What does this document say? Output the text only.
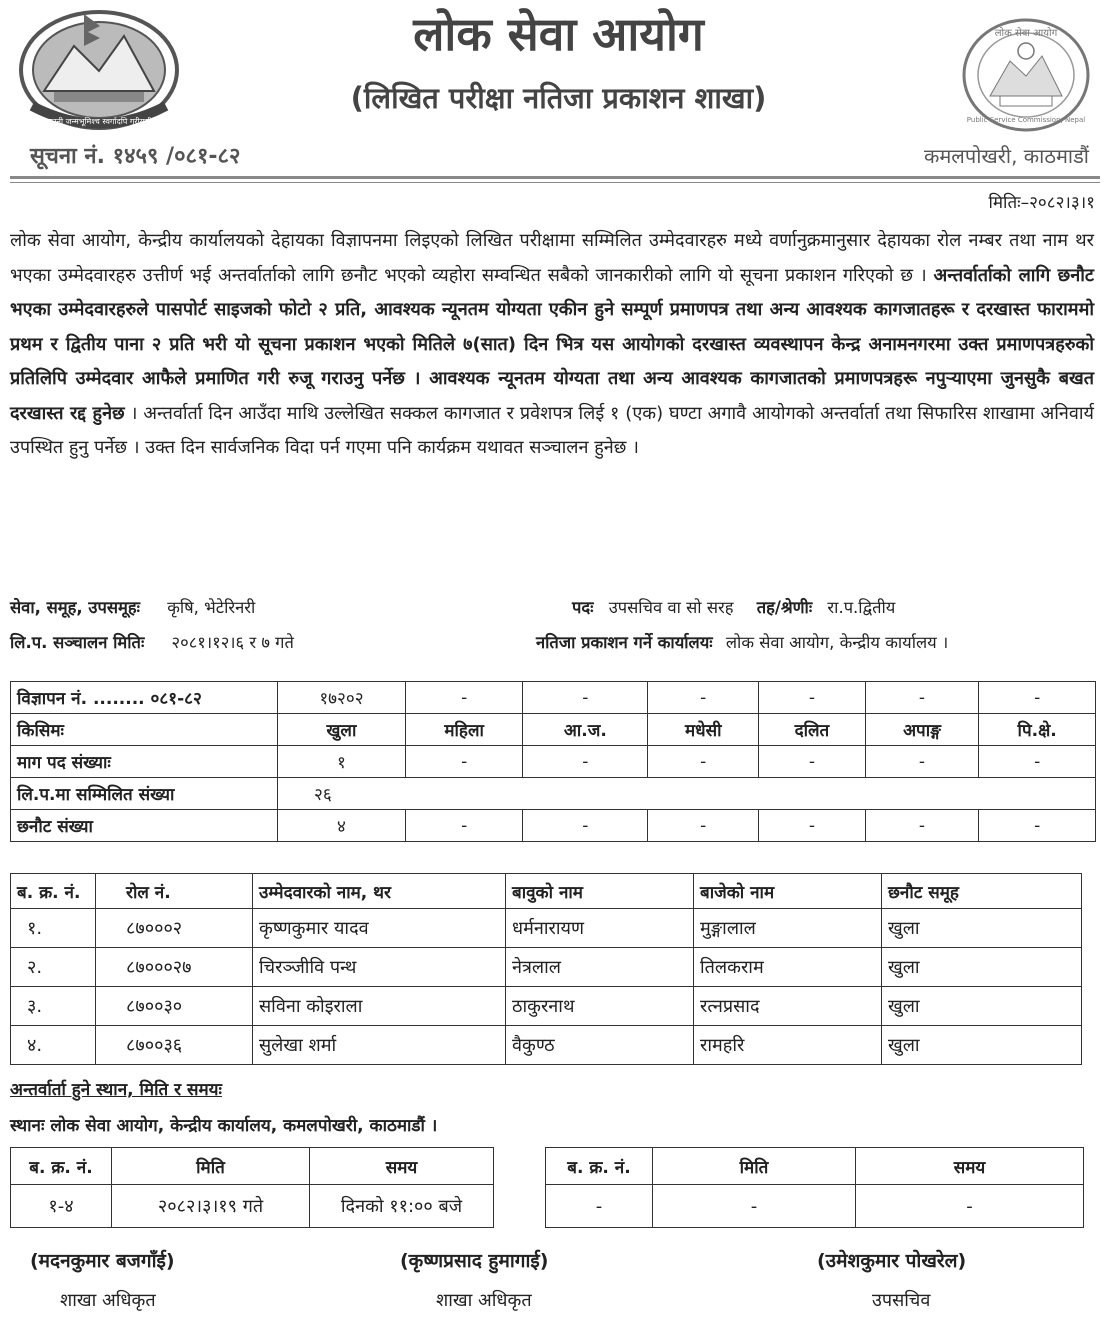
जननी जन्मभूमिश्च स्वर्गादपि गरीयसी
लोक सेवा आयोग
Public Service Commission, Nepal
लोक सेवा आयोग
(लिखित परीक्षा नतिजा प्रकाशन शाखा)
सूचना नं. १४५९ /०८१-८२	कमलपोखरी, काठमाडौं
मितिः–२०८२।३।१
लोक सेवा आयोग, केन्द्रीय कार्यालयको देहायका विज्ञापनमा लिइएको लिखित परीक्षामा सम्मिलित उम्मेदवारहरु मध्ये वर्णानुक्रमानुसार देहायका रोल नम्बर तथा नाम थर भएका उम्मेदवारहरु उत्तीर्ण भई अन्तर्वार्ताको लागि छनौट भएको व्यहोरा सम्वन्धित सबैको जानकारीको लागि यो सूचना प्रकाशन गरिएको छ । अन्तर्वार्ताको लागि छनौट भएका उम्मेदवारहरुले पासपोर्ट साइजको फोटो २ प्रति, आवश्यक न्यूनतम योग्यता एकीन हुने सम्पूर्ण प्रमाणपत्र तथा अन्य आवश्यक कागजातहरू र दरखास्त फाराममो प्रथम र द्वितीय पाना २ प्रति भरी यो सूचना प्रकाशन भएको मितिले ७(सात) दिन भित्र यस आयोगको दरखास्त व्यवस्थापन केन्द्र अनामनगरमा उक्त प्रमाणपत्रहरुको प्रतिलिपि उम्मेदवार आफैले प्रमाणित गरी रुजू गराउनु पर्नेछ । आवश्यक न्यूनतम योग्यता तथा अन्य आवश्यक कागजातको प्रमाणपत्रहरू नपुऱ्याएमा जुनसुकै बखत दरखास्त रद्द हुनेछ । अन्तर्वार्ता दिन आउँदा माथि उल्लेखित सक्कल कागजात र प्रवेशपत्र लिई १ (एक) घण्टा अगावै आयोगको अन्तर्वार्ता तथा सिफारिस शाखामा अनिवार्य उपस्थित हुनु पर्नेछ । उक्त दिन सार्वजनिक विदा पर्न गएमा पनि कार्यक्रम यथावत सञ्चालन हुनेछ ।
सेवा, समूह, उपसमूहः कृषि, भेटेरिनरी	पदः उपसचिव वा सो सरह तह/श्रेणीः रा.प.द्वितीय
लि.प. सञ्चालन मितिः २०८१।१२।६ र ७ गते	नतिजा प्रकाशन गर्ने कार्यालयः लोक सेवा आयोग, केन्द्रीय कार्यालय ।
विज्ञापन नं. ........ ०८१-८२	१७२०२	-	-	-	-	-	-
किसिमः	खुला	महिला	आ.ज.	मधेसी	दलित	अपाङ्ग	पि.क्षे.
माग पद संख्याः	१	-	-	-	-	-	-
लि.प.मा सम्मिलित संख्या	२६						
छनौट संख्या	४	-	-	-	-	-	-
ब. क्र. नं.	रोल नं.	उम्मेदवारको नाम, थर	बावुको नाम	बाजेको नाम	छनौट समूह
१.	८७०००२	कृष्णकुमार यादव	धर्मनारायण	मुङ्गालाल	खुला
२.	८७०००२७	चिरञ्जीवि पन्थ	नेत्रलाल	तिलकराम	खुला
३.	८७००३०	सविना कोइराला	ठाकुरनाथ	रत्नप्रसाद	खुला
४.	८७००३६	सुलेखा शर्मा	वैकुण्ठ	रामहरि	खुला
अन्तर्वार्ता हुने स्थान, मिति र समयः
स्थानः लोक सेवा आयोग, केन्द्रीय कार्यालय, कमलपोखरी, काठमाडौं ।
ब. क्र. नं.	मिति	समय
१-४	२०८२।३।१९ गते	दिनको ११:०० बजे
ब. क्र. नं.	मिति	समय
-	-	-
(मदनकुमार बजगाँई)
शाखा अधिकृत
(कृष्णप्रसाद हुमागाई)
शाखा अधिकृत
(उमेशकुमार पोखरेल)
उपसचिव
